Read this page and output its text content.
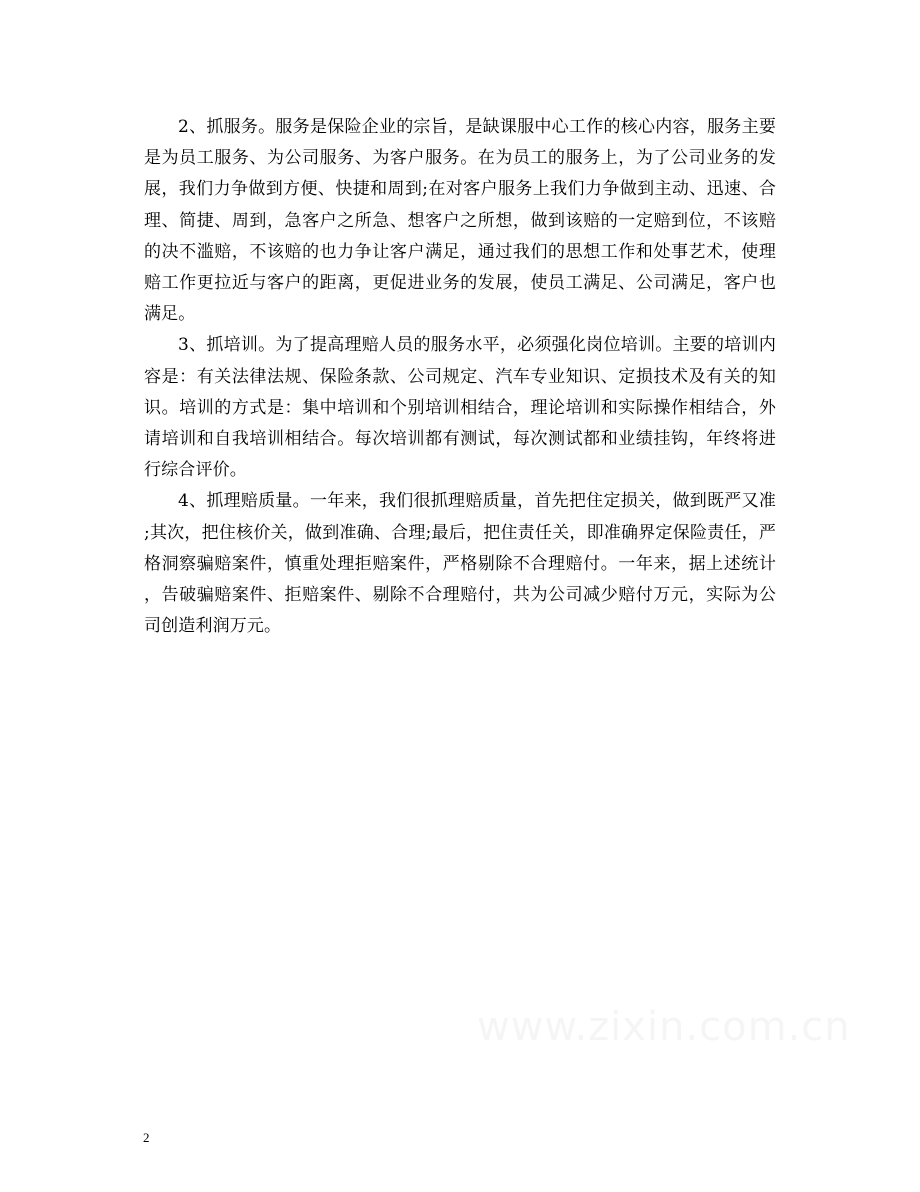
2、抓服务。服务是保险企业的宗旨，是缺课服中心工作的核心内容，服务主要是为员工服务、为公司服务、为客户服务。在为员工的服务上，为了公司业务的发展，我们力争做到方便、快捷和周到;在对客户服务上我们力争做到主动、迅速、合理、简捷、周到，急客户之所急、想客户之所想，做到该赔的一定赔到位，不该赔的决不滥赔，不该赔的也力争让客户满足，通过我们的思想工作和处事艺术，使理赔工作更拉近与客户的距离，更促进业务的发展，使员工满足、公司满足，客户也满足。

3、抓培训。为了提高理赔人员的服务水平，必须强化岗位培训。主要的培训内容是：有关法律法规、保险条款、公司规定、汽车专业知识、定损技术及有关的知识。培训的方式是：集中培训和个别培训相结合，理论培训和实际操作相结合，外请培训和自我培训相结合。每次培训都有测试，每次测试都和业绩挂钩，年终将进行综合评价。

4、抓理赔质量。一年来，我们很抓理赔质量，首先把住定损关，做到既严又准;其次，把住核价关，做到准确、合理;最后，把住责任关，即准确界定保险责任，严格洞察骗赔案件，慎重处理拒赔案件，严格剔除不合理赔付。一年来，据上述统计，告破骗赔案件、拒赔案件、剔除不合理赔付，共为公司减少赔付万元，实际为公司创造利润万元。

www.zixin.com.cn
2
